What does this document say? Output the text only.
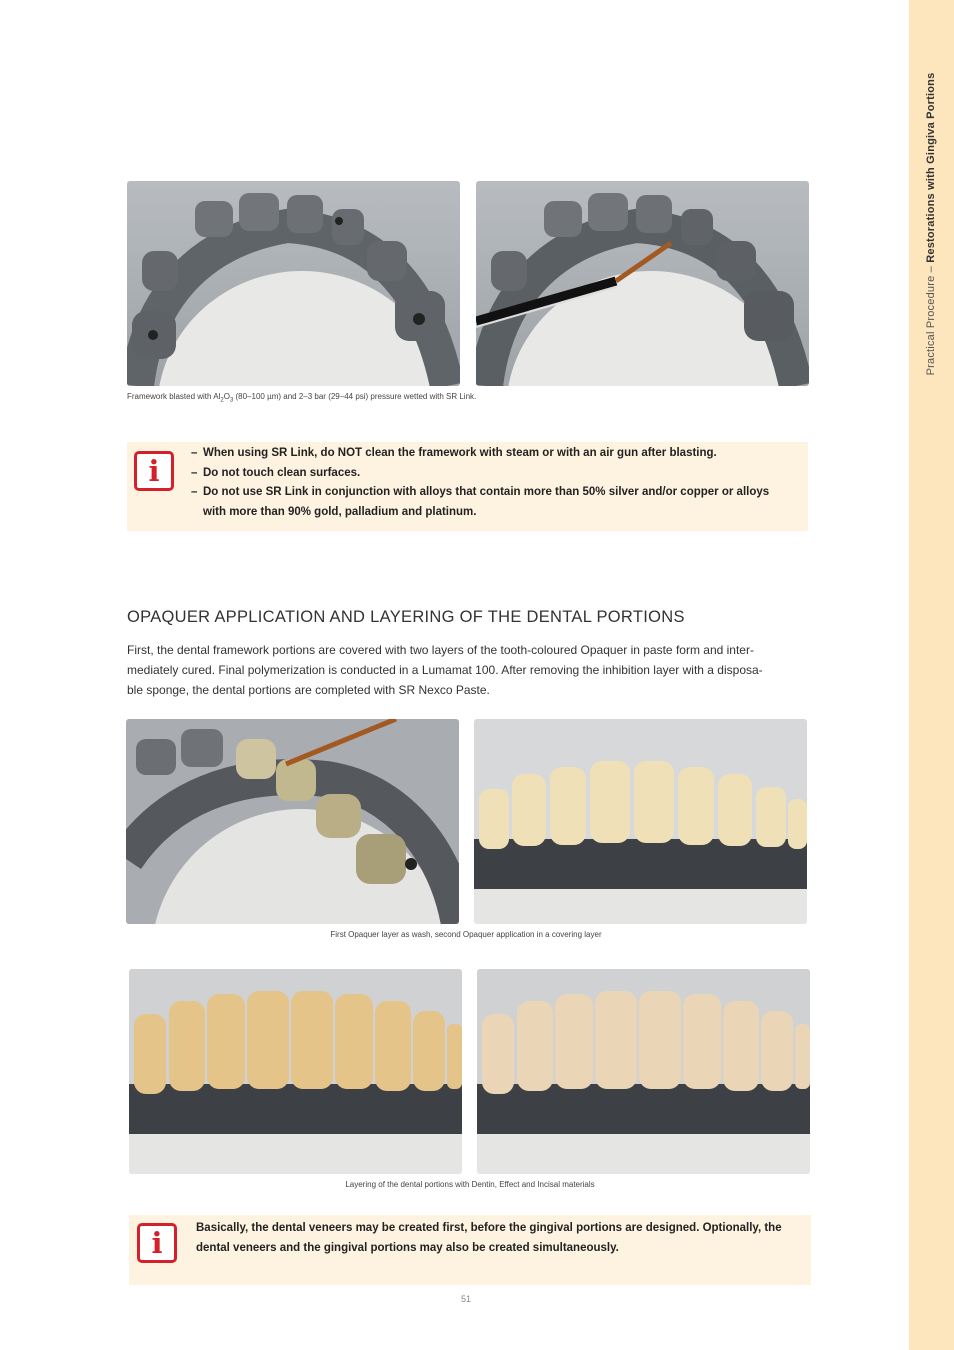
Practical Procedure – Restorations with Gingiva Portions
Framework blasted with $Al_2O_3$ (80–100 µm) and 2–3 bar (29–44 psi) pressure wetted with SR Link.
i
– When using SR Link, do NOT clean the framework with steam or with an air gun after blasting.
– Do not touch clean surfaces.
– Do not use SR Link in conjunction with alloys that contain more than 50% silver and/or copper or alloys with more than 90% gold, palladium and platinum.
OPAQUER APPLICATION AND LAYERING OF THE DENTAL PORTIONS
First, the dental framework portions are covered with two layers of the tooth-coloured Opaquer in paste form and inter-
mediately cured. Final polymerization is conducted in a Lumamat 100. After removing the inhibition layer with a disposa-
ble sponge, the dental portions are completed with SR Nexco Paste.
First Opaquer layer as wash, second Opaquer application in a covering layer
Layering of the dental portions with Dentin, Effect and Incisal materials
i	Basically, the dental veneers may be created first, before the gingival portions are designed. Optionally, the dental veneers and the gingival portions may also be created simultaneously.
51
